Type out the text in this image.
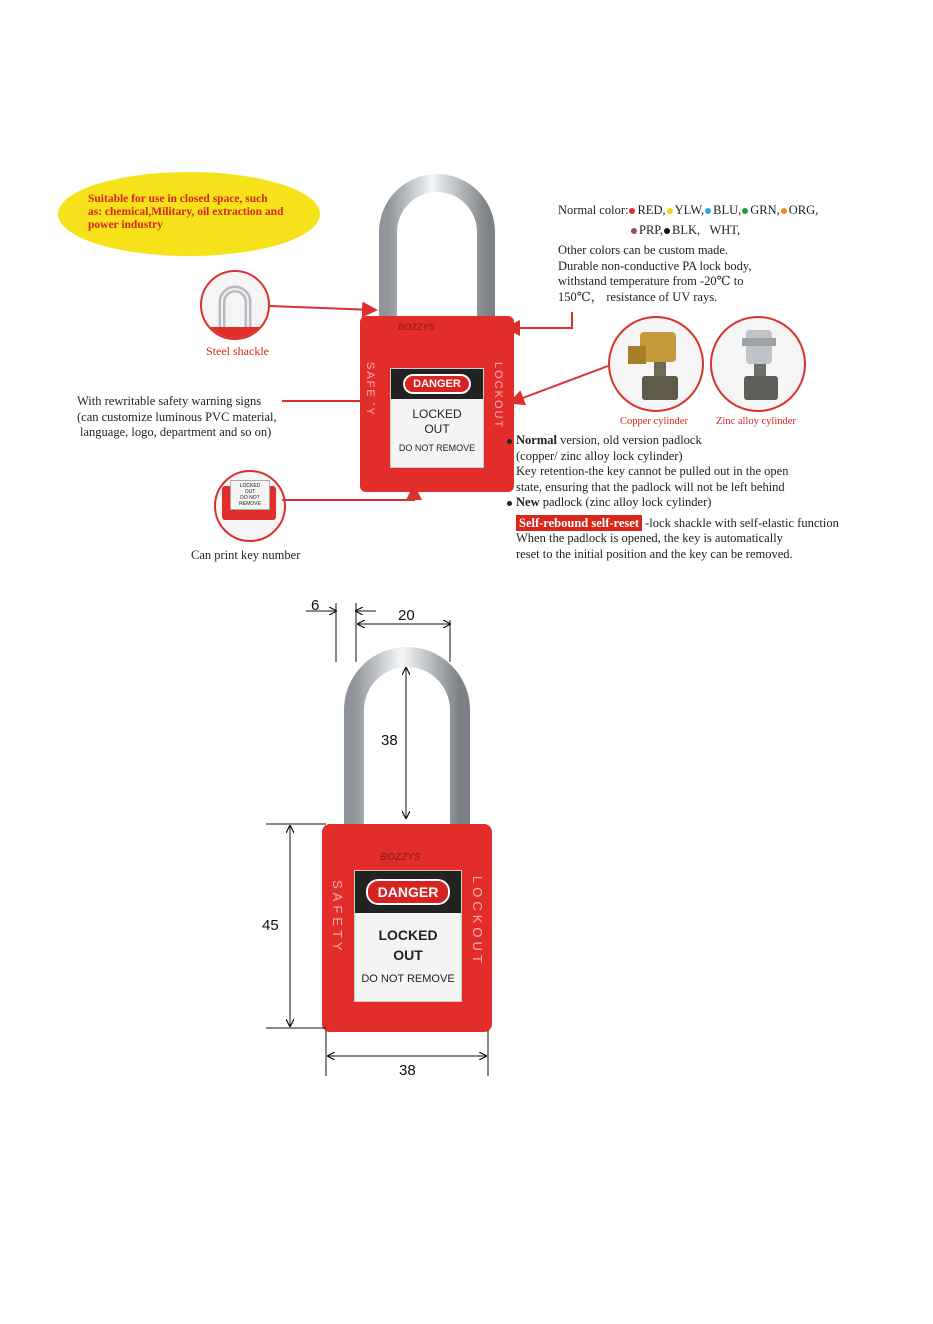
Suitable for use in closed space, such
as: chemical,Military, oil extraction and
power industry
Steel shackle
With rewritable safety warning signs
(can customize luminous PVC material,
language, logo, department and so on)
LOCKED
OUT
DO NOT REMOVE
Can print key number
BOZZYS
SAFETY	LOCKOUT
DANGER
LOCKED
OUT
DO NOT REMOVE
Normal color: RED, YLW, BLU, GRN, ORG,
PRP, BLK, WHT,
Other colors can be custom made.
Durable non-conductive PA lock body,
withstand temperature from -20℃ to
150℃， resistance of UV rays.
Copper cylinder	Zinc alloy cylinder
Normal version, old version padlock
(copper/ zinc alloy lock cylinder)
Key retention-the key cannot be pulled out in the open
state, ensuring that the padlock will not be left behind
New padlock (zinc alloy lock cylinder)
Self-rebound self-reset -lock shackle with self-elastic function
When the padlock is opened, the key is automatically
reset to the initial position and the key can be removed.
BOZZYS
SAFETY	LOCKOUT
DANGER
LOCKED
OUT
DO NOT REMOVE
6
20
38
45
38
